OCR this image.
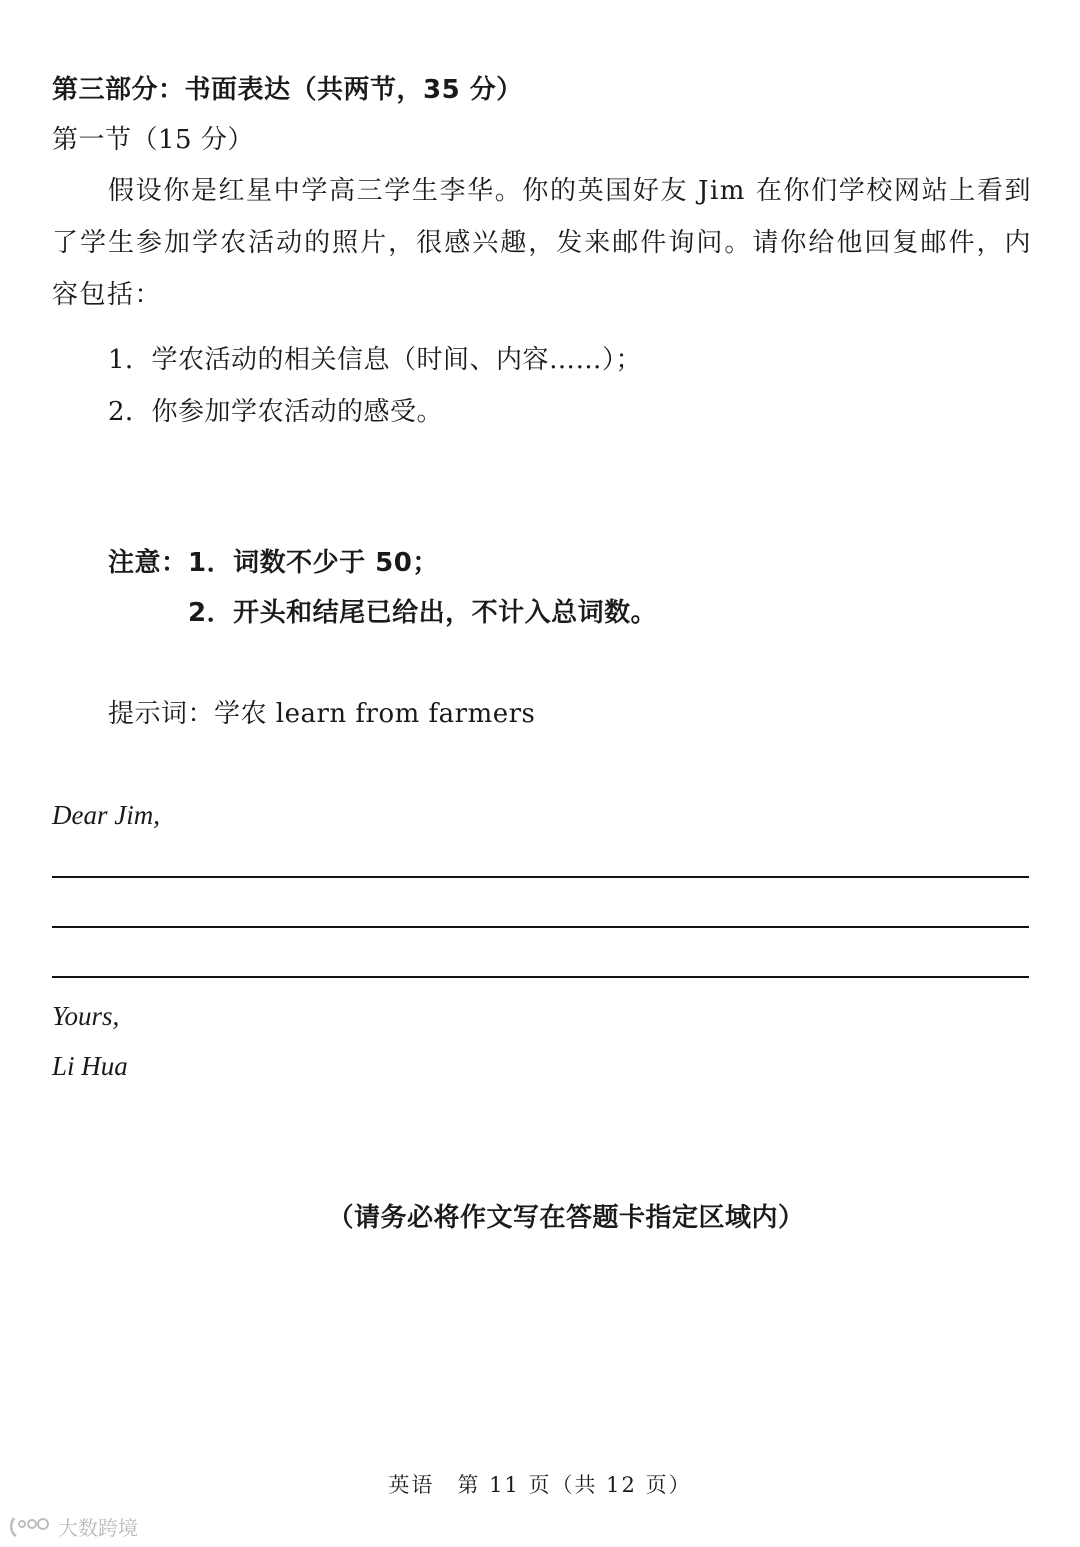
第三部分：书面表达（共两节，35 分）
第一节（15 分）
假设你是红星中学高三学生李华。你的英国好友 Jim 在你们学校网站上看到了学生参加学农活动的照片，很感兴趣，发来邮件询问。请你给他回复邮件，内容包括：
1．学农活动的相关信息（时间、内容……）；
2．你参加学农活动的感受。
注意： 1．词数不少于 50；
2．开头和结尾已给出，不计入总词数。
提示词：学农 learn from farmers
Dear Jim,
Yours,
Li Hua
（请务必将作文写在答题卡指定区域内）
英语　第 11 页（共 12 页）
大数跨境
